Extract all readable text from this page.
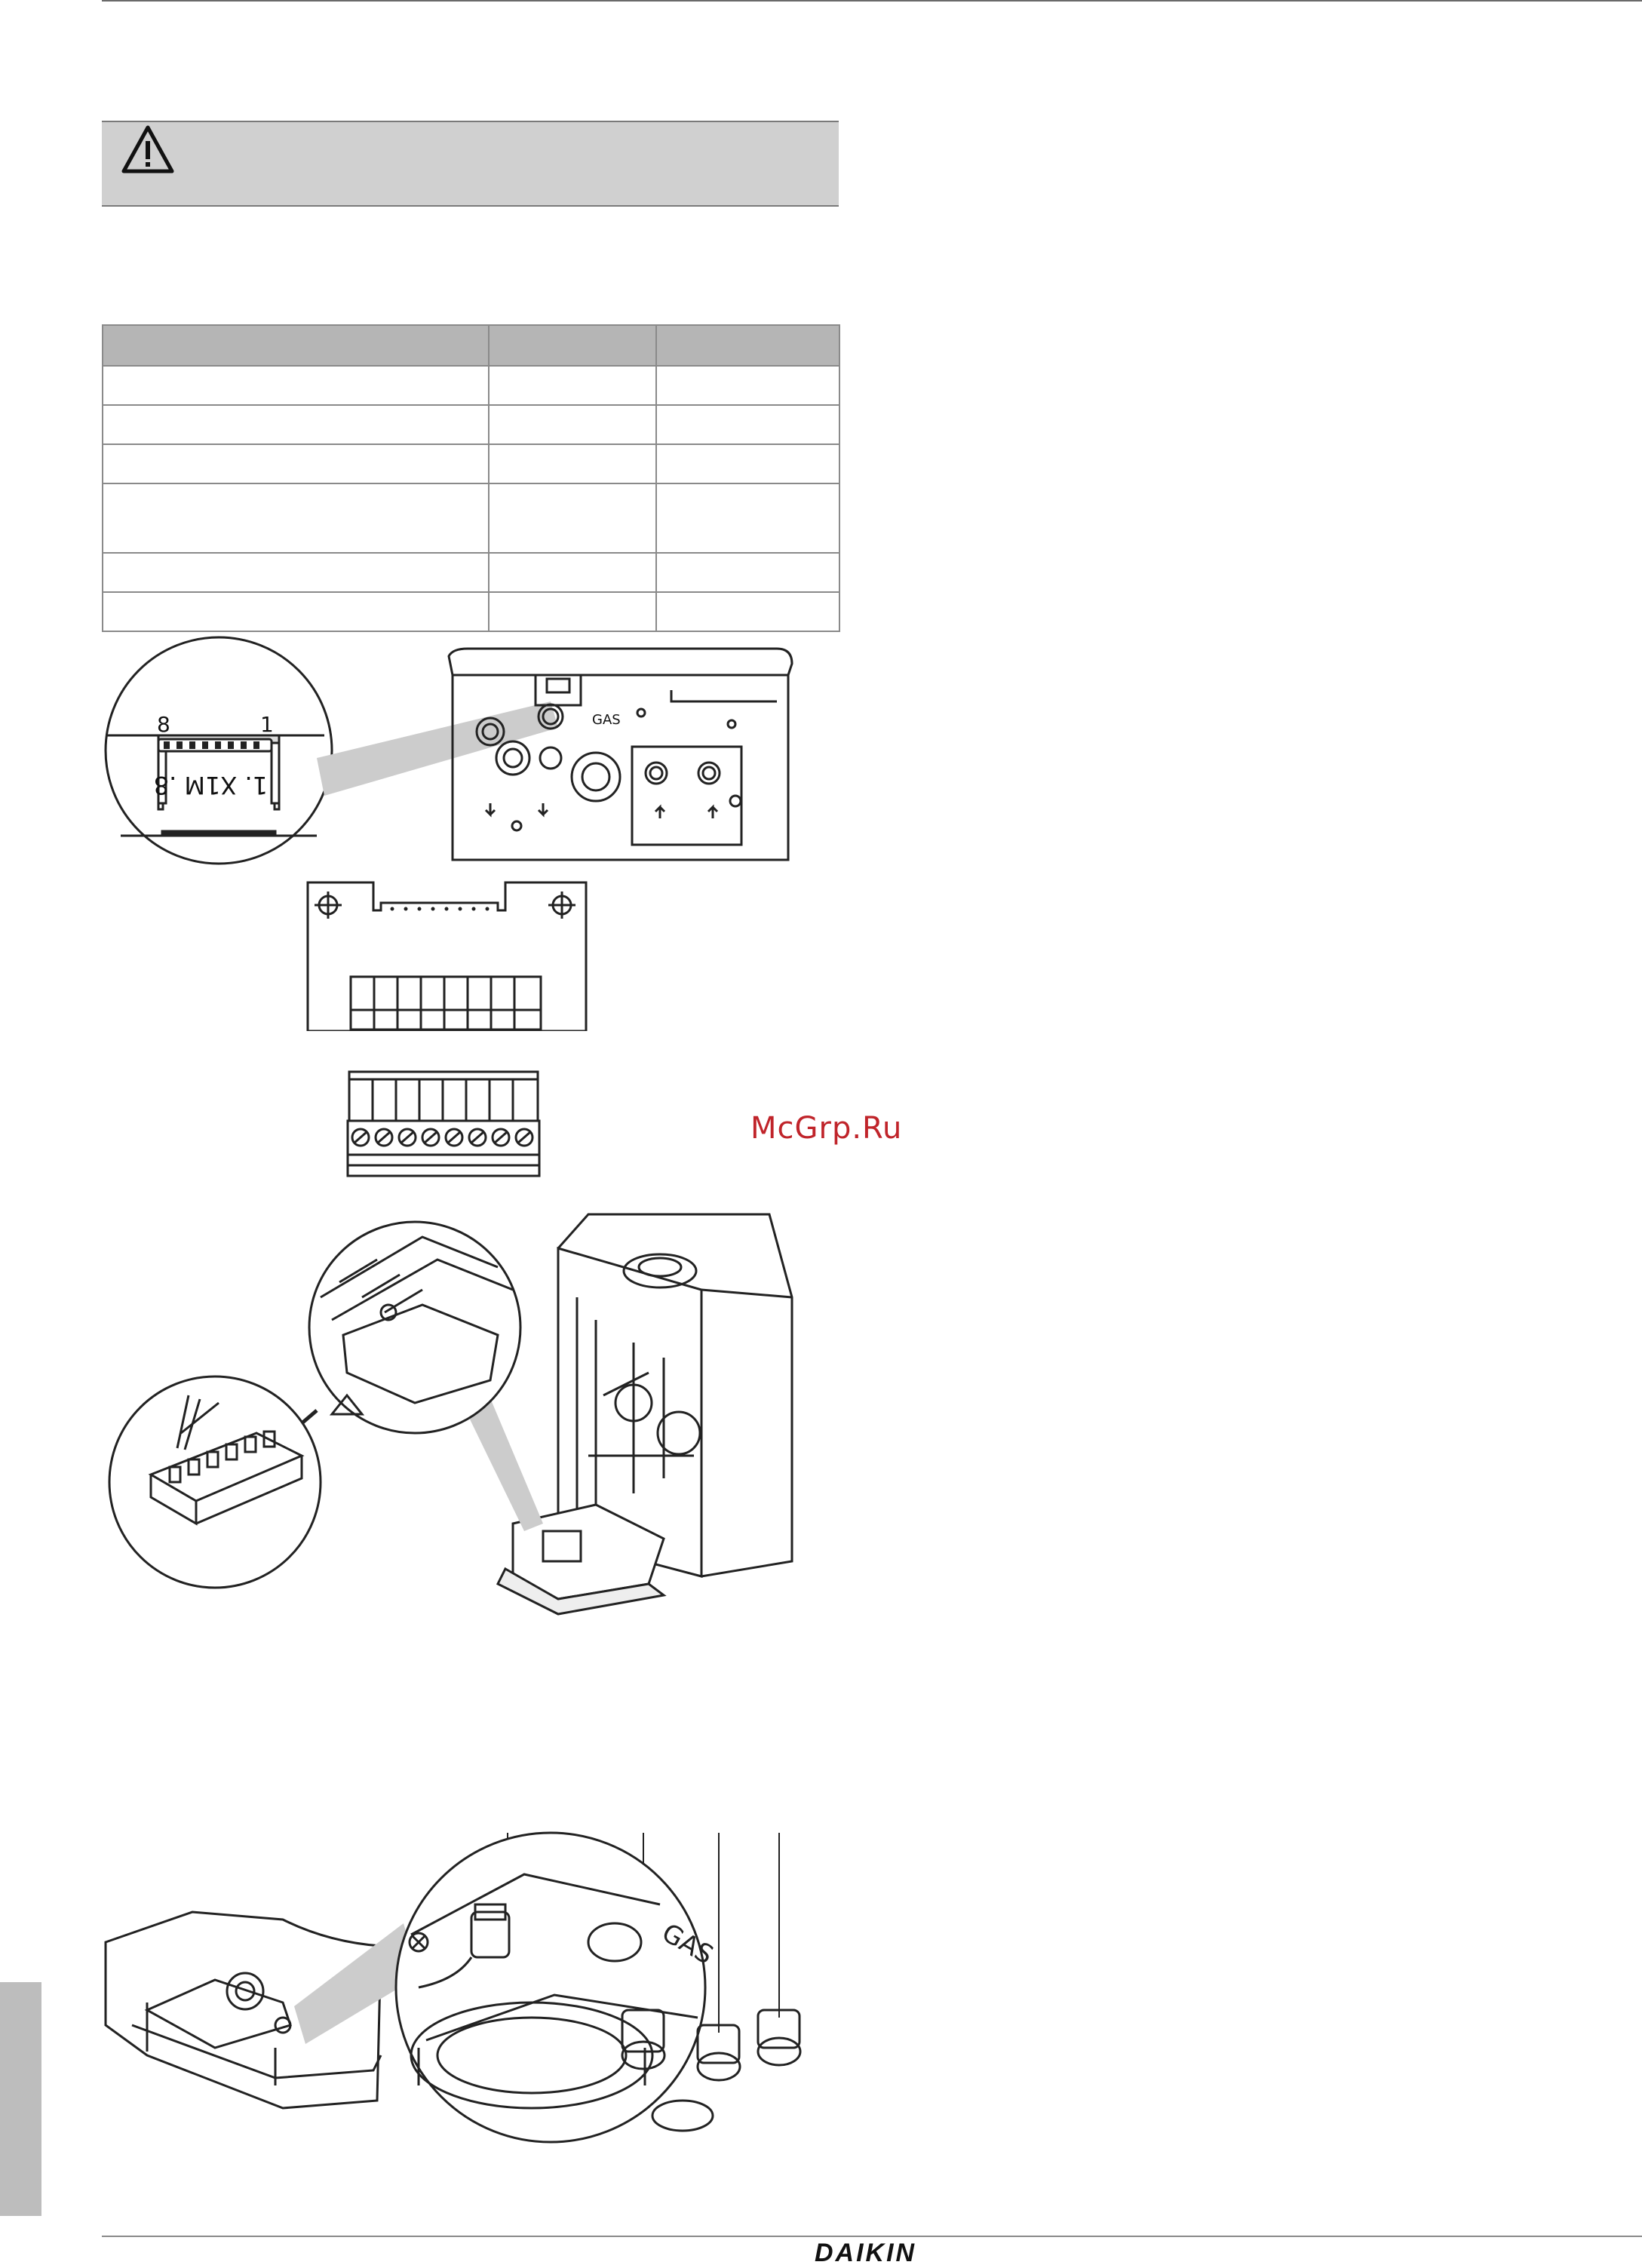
8	1
1. X1M .8
GAS
GAS
McGrp.Ru
DAIKIN
